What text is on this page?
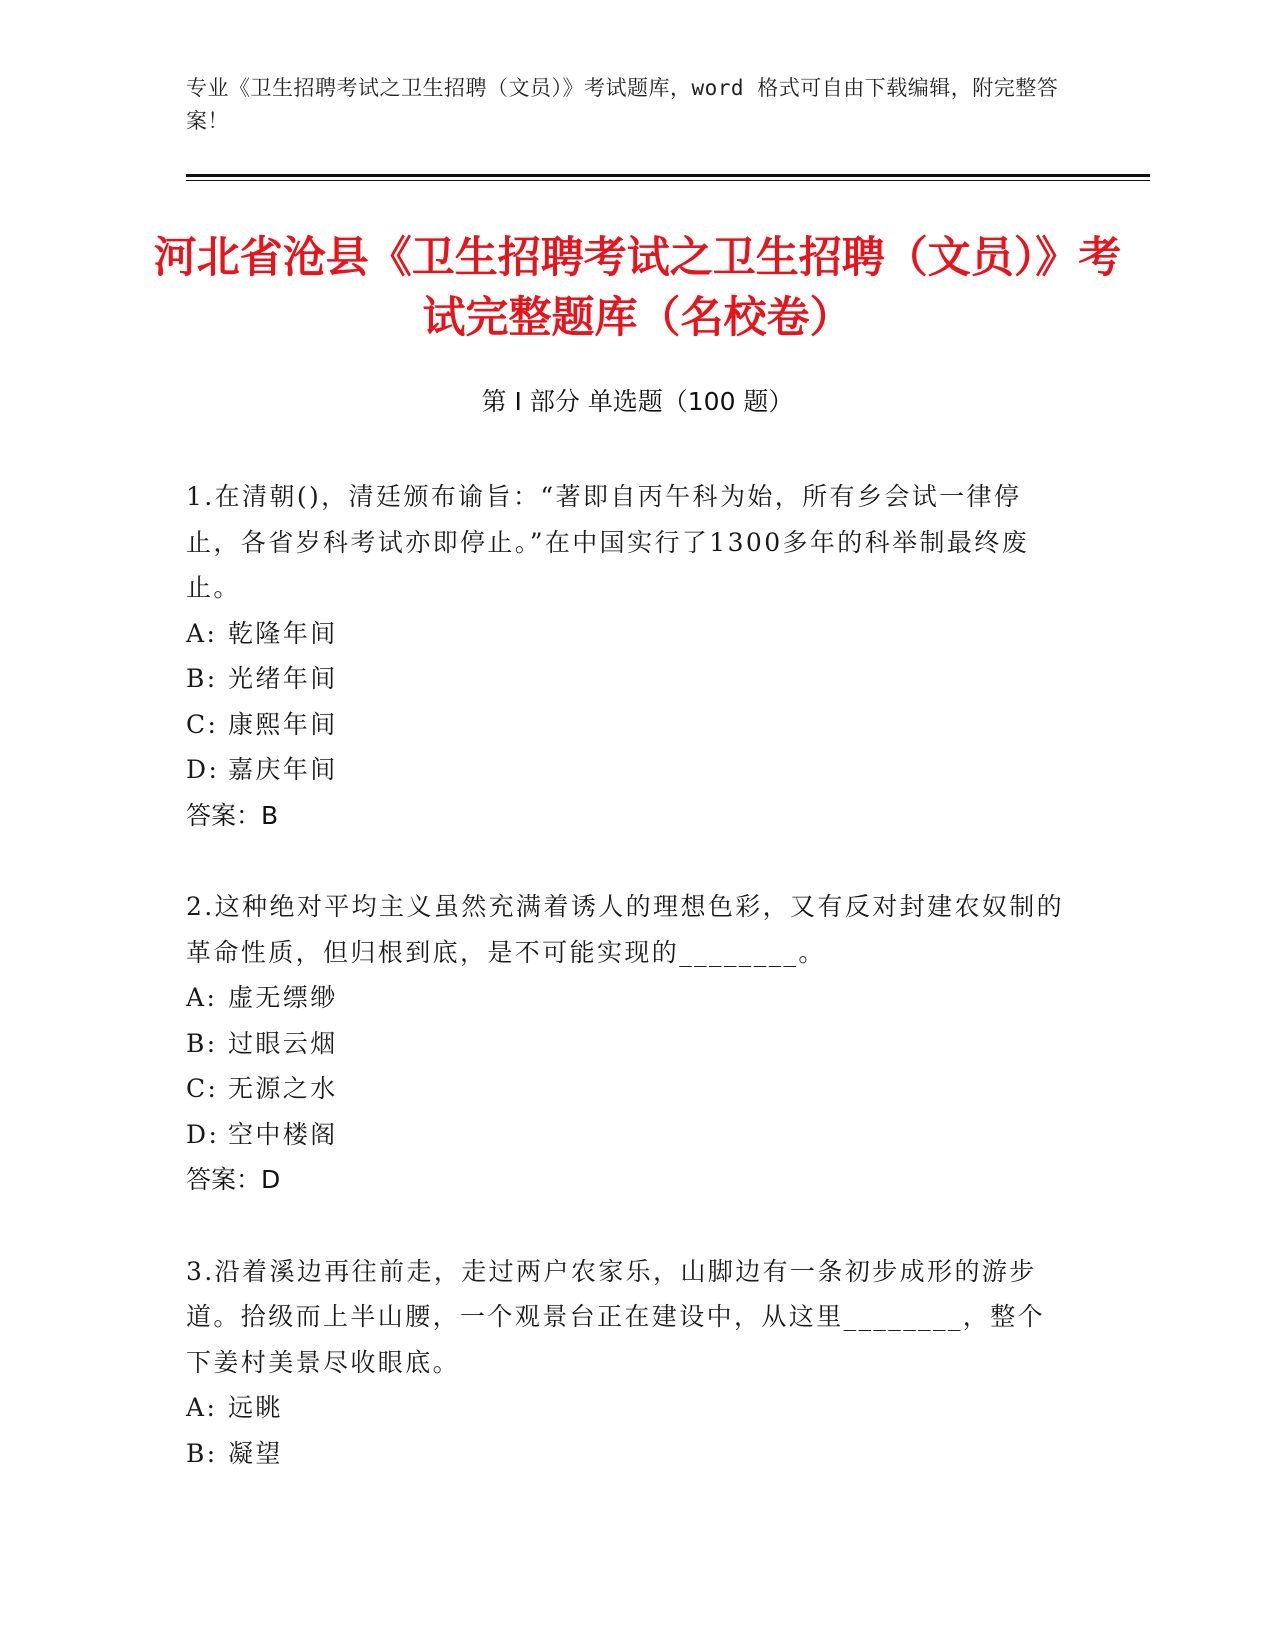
专业《卫生招聘考试之卫生招聘（文员）》考试题库，word 格式可自由下载编辑，附完整答案！
河北省沧县《卫生招聘考试之卫生招聘（文员）》考试完整题库（名校卷）
第 I 部分 单选题（100 题）
1.在清朝()，清廷颁布谕旨：“著即自丙午科为始，所有乡会试一律停止，各省岁科考试亦即停止。”在中国实行了1300多年的科举制最终废止。
A: 乾隆年间
B: 光绪年间
C: 康熙年间
D: 嘉庆年间
答案：B
2.这种绝对平均主义虽然充满着诱人的理想色彩，又有反对封建农奴制的革命性质，但归根到底，是不可能实现的________。
A: 虚无缥缈
B: 过眼云烟
C: 无源之水
D: 空中楼阁
答案：D
3.沿着溪边再往前走，走过两户农家乐，山脚边有一条初步成形的游步道。拾级而上半山腰，一个观景台正在建设中，从这里________，整个下姜村美景尽收眼底。
A: 远眺
B: 凝望
